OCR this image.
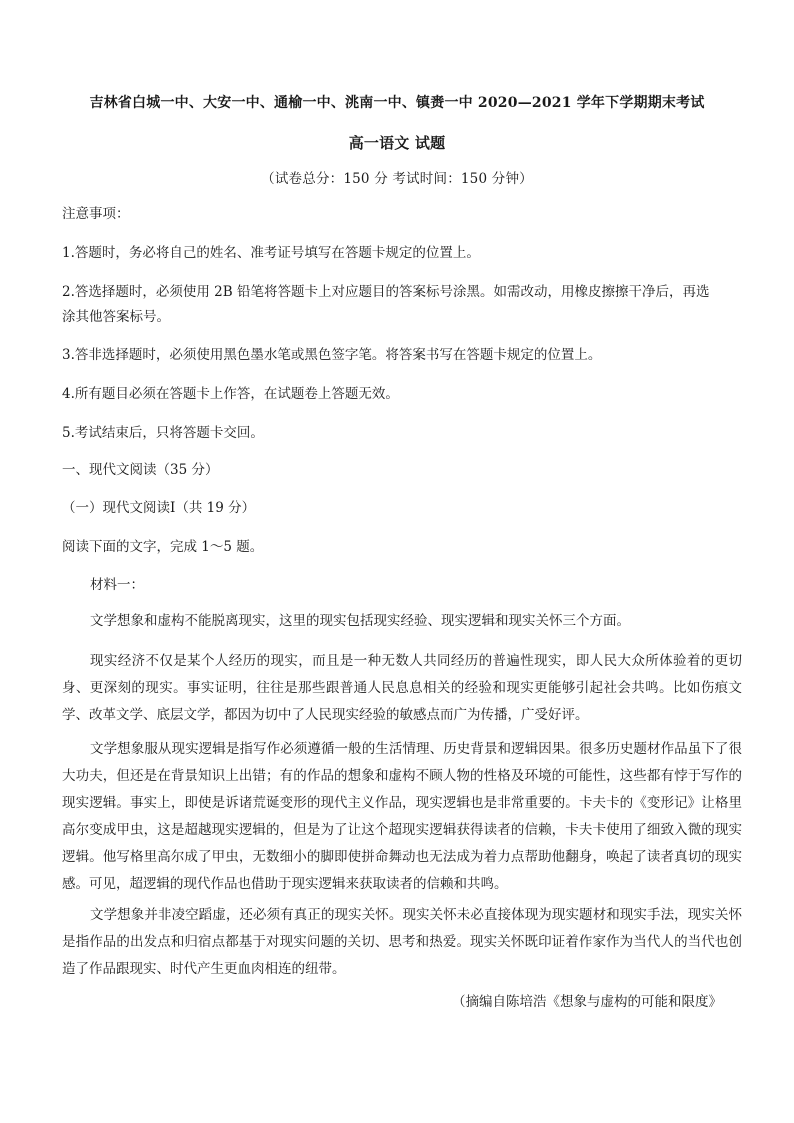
吉林省白城一中、大安一中、通榆一中、洮南一中、镇赉一中 2020—2021 学年下学期期末考试
高一语文 试题
（试卷总分：150 分 考试时间：150 分钟）
注意事项：
1.答题时，务必将自己的姓名、准考证号填写在答题卡规定的位置上。
2.答选择题时，必须使用 2B 铅笔将答题卡上对应题目的答案标号涂黑。如需改动，用橡皮擦擦干净后，再选
涂其他答案标号。
3.答非选择题时，必须使用黑色墨水笔或黑色签字笔。将答案书写在答题卡规定的位置上。
4.所有题目必须在答题卡上作答，在试题卷上答题无效。
5.考试结束后，只将答题卡交回。
一、现代文阅读（35 分）
（一）现代文阅读Ⅰ（共 19 分）
阅读下面的文字，完成 1～5 题。
材料一：
文学想象和虚构不能脱离现实，这里的现实包括现实经验、现实逻辑和现实关怀三个方面。
现实经济不仅是某个人经历的现实，而且是一种无数人共同经历的普遍性现实，即人民大众所体验着的更切身、更深刻的现实。事实证明，往往是那些跟普通人民息息相关的经验和现实更能够引起社会共鸣。比如伤痕文学、改革文学、底层文学，都因为切中了人民现实经验的敏感点而广为传播，广受好评。
文学想象服从现实逻辑是指写作必须遵循一般的生活情理、历史背景和逻辑因果。很多历史题材作品虽下了很大功夫，但还是在背景知识上出错；有的作品的想象和虚构不顾人物的性格及环境的可能性，这些都有悖于写作的现实逻辑。事实上，即使是诉诸荒诞变形的现代主义作品，现实逻辑也是非常重要的。卡夫卡的《变形记》让格里高尔变成甲虫，这是超越现实逻辑的，但是为了让这个超现实逻辑获得读者的信赖，卡夫卡使用了细致入微的现实逻辑。他写格里高尔成了甲虫，无数细小的脚即使拼命舞动也无法成为着力点帮助他翻身，唤起了读者真切的现实感。可见，超逻辑的现代作品也借助于现实逻辑来获取读者的信赖和共鸣。
文学想象并非凌空蹈虚，还必须有真正的现实关怀。现实关怀未必直接体现为现实题材和现实手法，现实关怀是指作品的出发点和归宿点都基于对现实问题的关切、思考和热爱。现实关怀既印证着作家作为当代人的当代也创造了作品跟现实、时代产生更血肉相连的纽带。
（摘编自陈培浩《想象与虚构的可能和限度》
